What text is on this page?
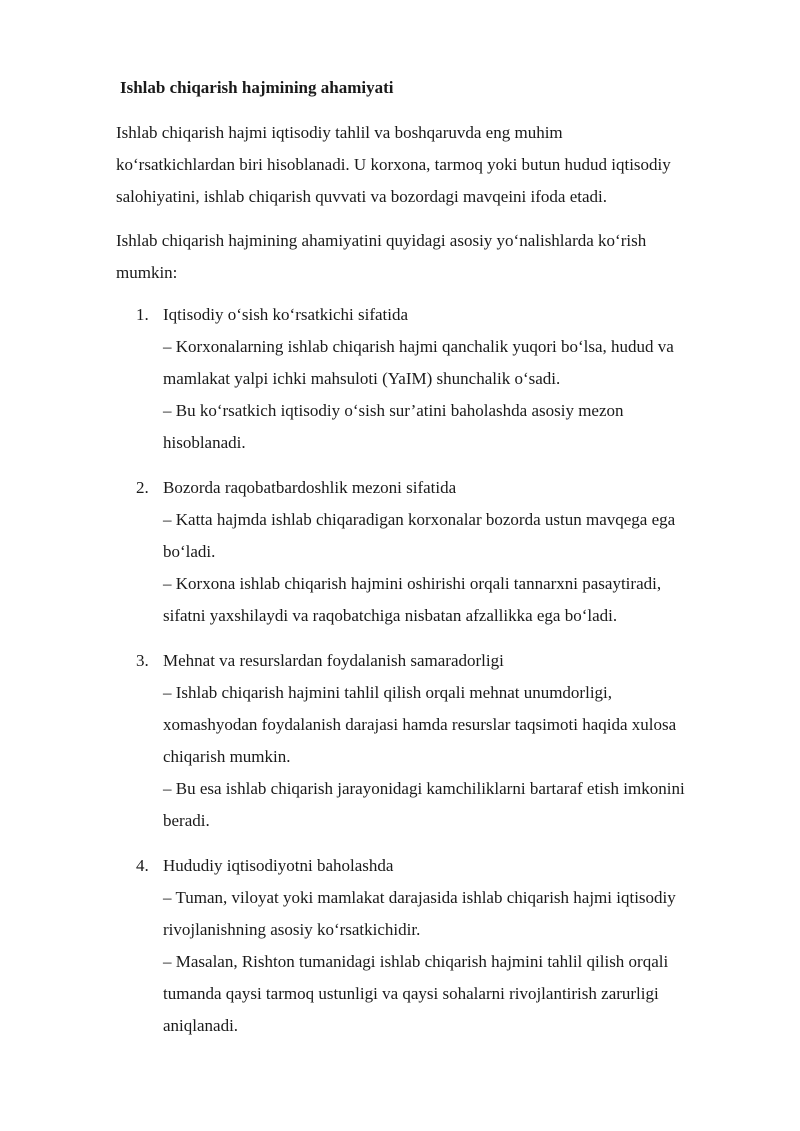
Ishlab chiqarish hajmining ahamiyati

Ishlab chiqarish hajmi iqtisodiy tahlil va boshqaruvda eng muhim
ko‘rsatkichlardan biri hisoblanadi. U korxona, tarmoq yoki butun hudud iqtisodiy
salohiyatini, ishlab chiqarish quvvati va bozordagi mavqeini ifoda etadi.

Ishlab chiqarish hajmining ahamiyatini quyidagi asosiy yo‘nalishlarda ko‘rish
mumkin:

1. Iqtisodiy o‘sish ko‘rsatkichi sifatida
– Korxonalarning ishlab chiqarish hajmi qanchalik yuqori bo‘lsa, hudud va
mamlakat yalpi ichki mahsuloti (YaIM) shunchalik o‘sadi.
– Bu ko‘rsatkich iqtisodiy o‘sish sur’atini baholashda asosiy mezon
hisoblanadi.
2. Bozorda raqobatbardoshlik mezoni sifatida
– Katta hajmda ishlab chiqaradigan korxonalar bozorda ustun mavqega ega
bo‘ladi.
– Korxona ishlab chiqarish hajmini oshirishi orqali tannarxni pasaytiradi,
sifatni yaxshilaydi va raqobatchiga nisbatan afzallikka ega bo‘ladi.
3. Mehnat va resurslardan foydalanish samaradorligi
– Ishlab chiqarish hajmini tahlil qilish orqali mehnat unumdorligi,
xomashyodan foydalanish darajasi hamda resurslar taqsimoti haqida xulosa
chiqarish mumkin.
– Bu esa ishlab chiqarish jarayonidagi kamchiliklarni bartaraf etish imkonini
beradi.
4. Hududiy iqtisodiyotni baholashda
– Tuman, viloyat yoki mamlakat darajasida ishlab chiqarish hajmi iqtisodiy
rivojlanishning asosiy ko‘rsatkichidir.
– Masalan, Rishton tumanidagi ishlab chiqarish hajmini tahlil qilish orqali
tumanda qaysi tarmoq ustunligi va qaysi sohalarni rivojlantirish zarurligi
aniqlanadi.
